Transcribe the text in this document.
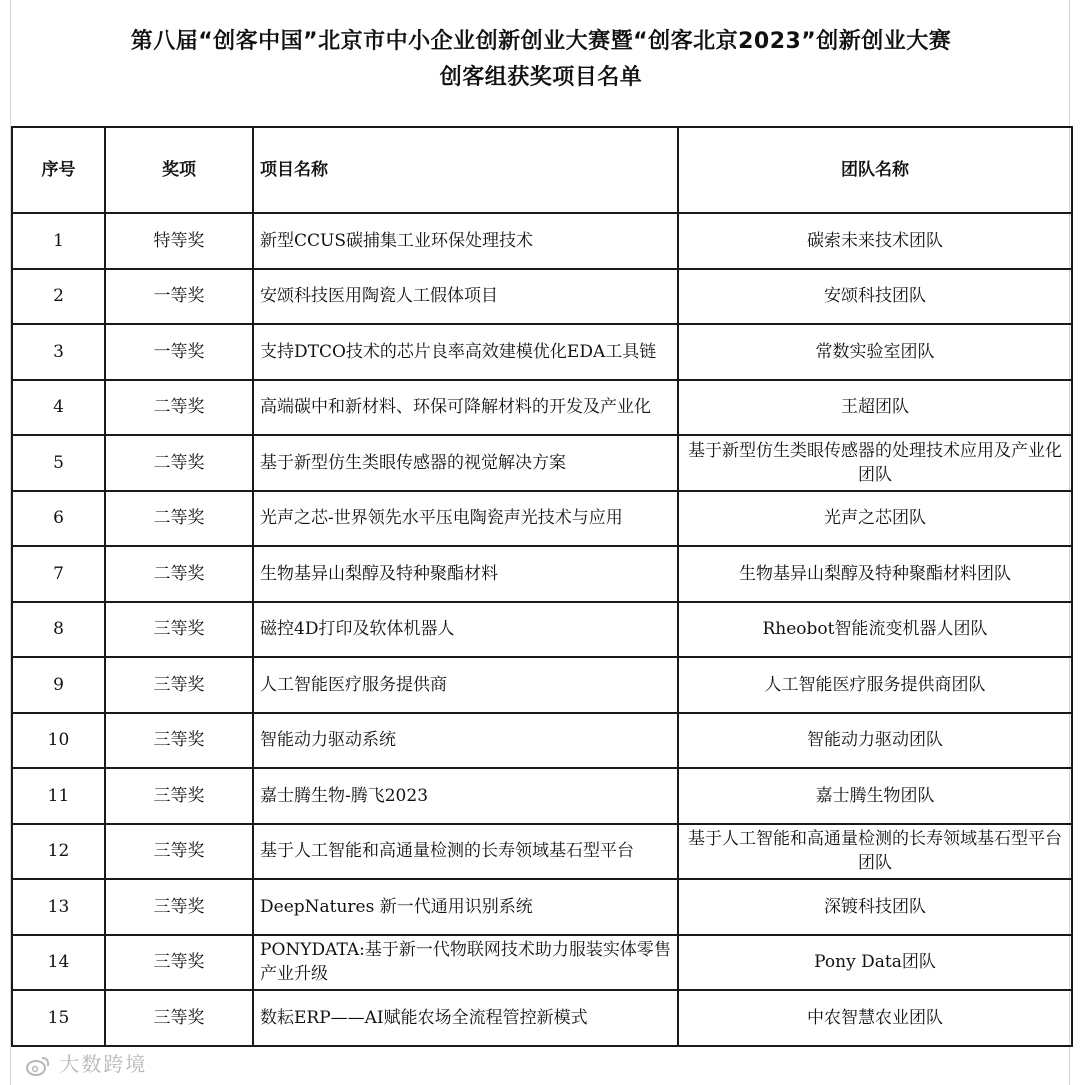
第八届“创客中国”北京市中小企业创新创业大赛暨“创客北京2023”创新创业大赛
创客组获奖项目名单
序号	奖项	项目名称	团队名称
1	特等奖	新型CCUS碳捕集工业环保处理技术	碳索未来技术团队
2	一等奖	安颂科技医用陶瓷人工假体项目	安颂科技团队
3	一等奖	支持DTCO技术的芯片良率高效建模优化EDA工具链	常数实验室团队
4	二等奖	高端碳中和新材料、环保可降解材料的开发及产业化	王超团队
5	二等奖	基于新型仿生类眼传感器的视觉解决方案	基于新型仿生类眼传感器的处理技术应用及产业化团队
6	二等奖	光声之芯-世界领先水平压电陶瓷声光技术与应用	光声之芯团队
7	二等奖	生物基异山梨醇及特种聚酯材料	生物基异山梨醇及特种聚酯材料团队
8	三等奖	磁控4D打印及软体机器人	Rheobot智能流变机器人团队
9	三等奖	人工智能医疗服务提供商	人工智能医疗服务提供商团队
10	三等奖	智能动力驱动系统	智能动力驱动团队
11	三等奖	嘉士腾生物-腾飞2023	嘉士腾生物团队
12	三等奖	基于人工智能和高通量检测的长寿领域基石型平台	基于人工智能和高通量检测的长寿领域基石型平台团队
13	三等奖	DeepNatures 新一代通用识别系统	深镀科技团队
14	三等奖	PONYDATA:基于新一代物联网技术助力服装实体零售产业升级	Pony Data团队
15	三等奖	数耘ERP——AI赋能农场全流程管控新模式	中农智慧农业团队
大数跨境
